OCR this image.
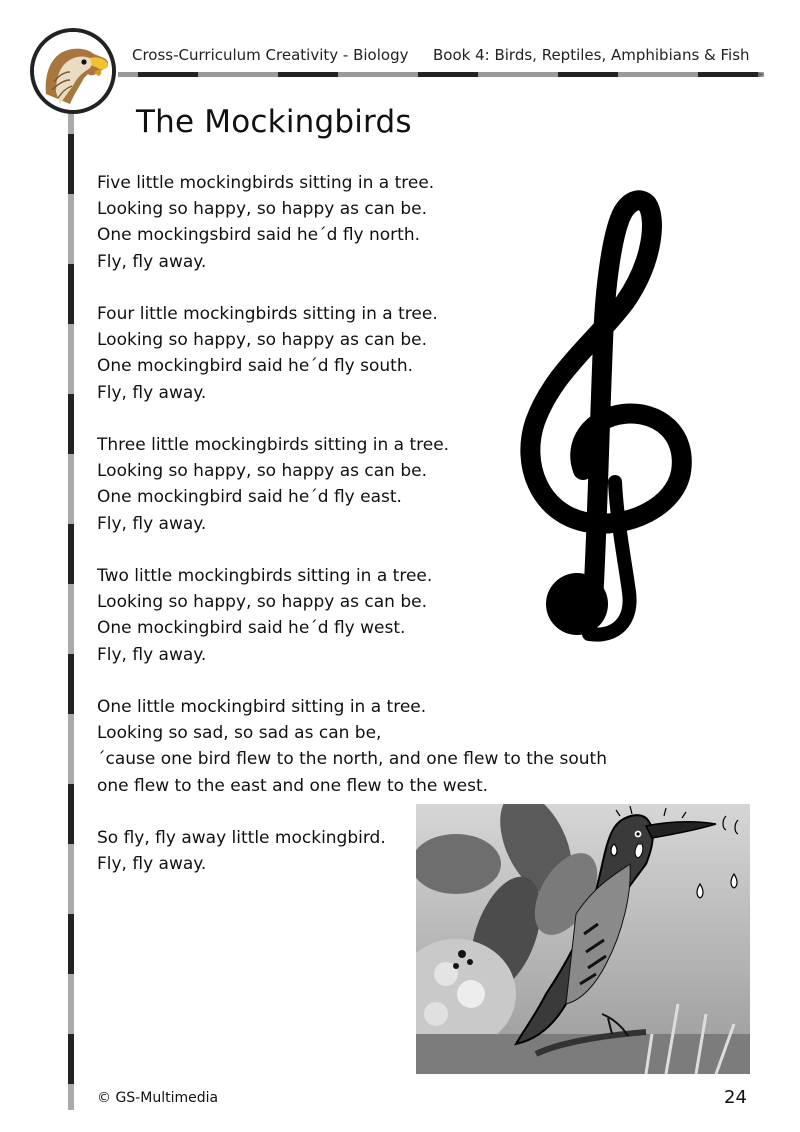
Cross-Curriculum Creativity - Biology Book 4: Birds, Reptiles, Amphibians & Fish
The Mockingbirds
Five little mockingbirds sitting in a tree.
Looking so happy, so happy as can be.
One mockingsbird said he´d fly north.
Fly, fly away.
Four little mockingbirds sitting in a tree.
Looking so happy, so happy as can be.
One mockingbird said he´d fly south.
Fly, fly away.
Three little mockingbirds sitting in a tree.
Looking so happy, so happy as can be.
One mockingbird said he´d fly east.
Fly, fly away.
Two little mockingbirds sitting in a tree.
Looking so happy, so happy as can be.
One mockingbird said he´d fly west.
Fly, fly away.
One little mockingbird sitting in a tree.
Looking so sad, so sad as can be,
´cause one bird flew to the north, and one flew to the south
one flew to the east and one flew to the west.
So fly, fly away little mockingbird.
Fly, fly away.
© GS-Multimedia	24
